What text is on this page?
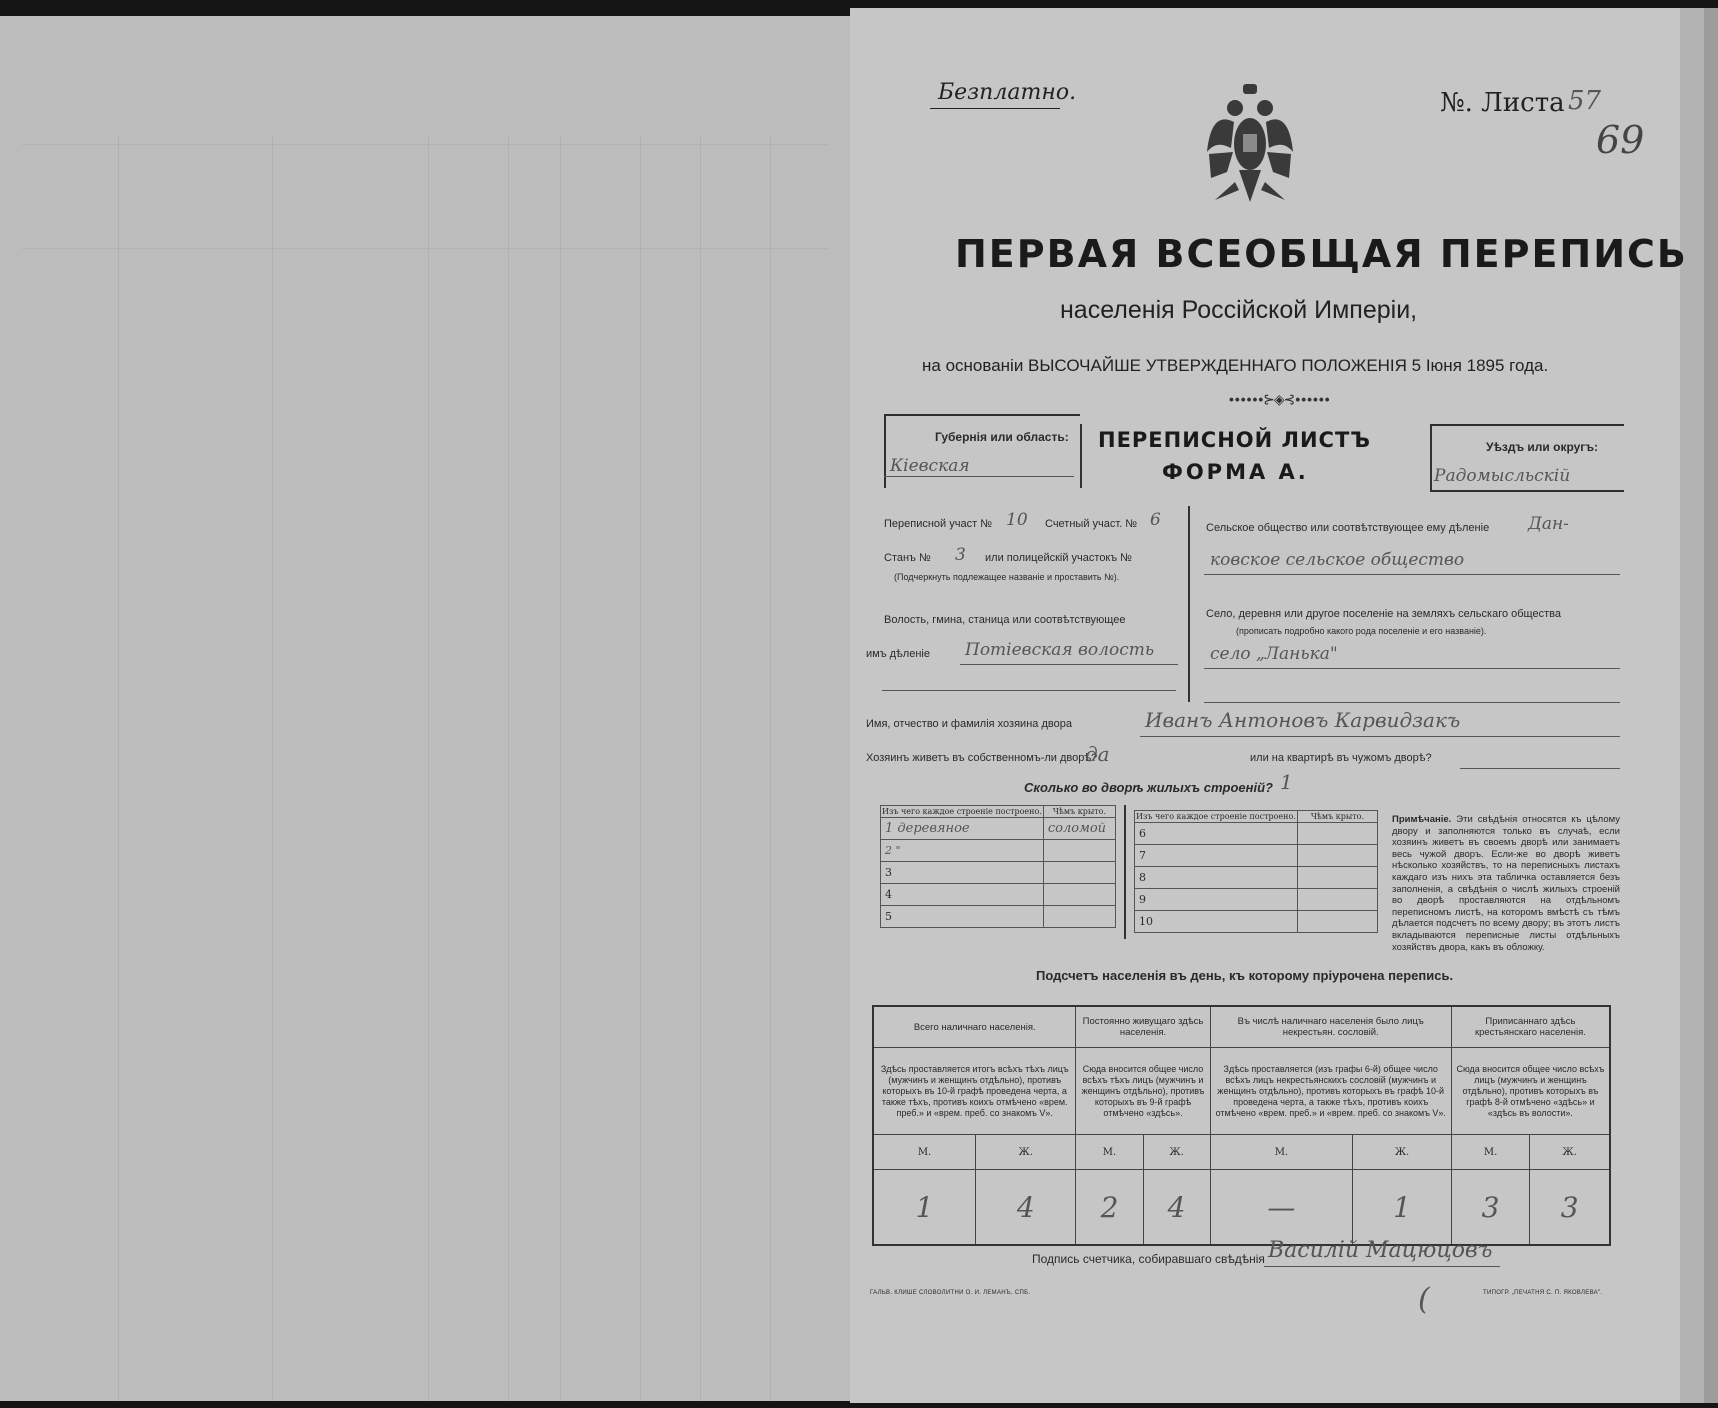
Безплатно.	№. Листа 57
69
ПЕРВАЯ ВСЕОБЩАЯ ПЕРЕПИСЬ
населенія Россійской Имперіи,
на основаніи ВЫСОЧАЙШЕ УТВЕРЖДЕННАГО ПОЛОЖЕНІЯ 5 Іюня 1895 года.
∙∙∙∙∙∙⊱◈⊰∙∙∙∙∙∙
Губернія или область:
Кіевская
ПЕРЕПИСНОЙ ЛИСТЪ
ФОРМА А.
Уѣздъ или округъ:
Радомысльскій
Переписной участ № 10 Счетный участ. № 6
Станъ № 3 или полицейскій участокъ №
(Подчеркнуть подлежащее названіе и проставить №).
Волость, гмина, станица или соотвѣтствующее
имъ дѣленіе Потіевская волость
Сельское общество или соотвѣтствующее ему дѣленіе Дан-
ковское сельское общество
Село, деревня или другое поселеніе на земляхъ сельскаго общества
(прописать подробно какого рода поселеніе и его названіе).
село „Ланька"
Имя, отчество и фамилія хозяина двора	Иванъ Антоновъ Карвидзакъ
Хозяинъ живетъ въ собственномъ-ли дворѣ?
да	или на квартирѣ въ чужомъ дворѣ?
Сколько во дворѣ жилыхъ строеній? 1
Изъ чего каждое строеніе построено.	Чѣмъ крыто.
1 деревяное	соломой
2 "	
3	
4	
5	
Изъ чего каждое строеніе построено.	Чѣмъ крыто.
6	
7	
8	
9	
10	
Примѣчаніе. Эти свѣдѣнія относятся къ цѣлому двору и заполняются только въ случаѣ, если хозяинъ живетъ въ своемъ дворѣ или занимаетъ весь чужой дворъ. Если-же во дворѣ живетъ нѣсколько хозяйствъ, то на переписныхъ листахъ каждаго изъ нихъ эта табличка оставляется безъ заполненія, а свѣдѣнія о числѣ жилыхъ строеній во дворѣ проставляются на отдѣльномъ переписномъ листѣ, на которомъ вмѣстѣ съ тѣмъ дѣлается подсчетъ по всему двору; въ этотъ листъ вкладываются переписные листы отдѣльныхъ хозяйствъ двора, какъ въ обложку.
Подсчетъ населенія въ день, къ которому пріурочена перепись.
Всего наличнаго населенія.		Постоянно живущаго здѣсь населенія.		Въ числѣ наличнаго населенія было лицъ некрестьян. сословій.		Приписаннаго здѣсь крестьянскаго населенія.	
Здѣсь проставляется итогъ всѣхъ тѣхъ лицъ (мужчинъ и женщинъ отдѣльно), противъ которыхъ въ 10-й графѣ проведена черта, а также тѣхъ, противъ коихъ отмѣчено «врем. преб.» и «врем. преб. со знакомъ V».		Сюда вносится общее число всѣхъ тѣхъ лицъ (мужчинъ и женщинъ отдѣльно), противъ которыхъ въ 9-й графѣ отмѣчено «здѣсь».		Здѣсь проставляется (изъ графы 6-й) общее число всѣхъ лицъ некрестьянскихъ сословій (мужчинъ и женщинъ отдѣльно), противъ которыхъ въ графѣ 10-й проведена черта, а также тѣхъ, противъ коихъ отмѣчено «врем. преб.» и «врем. преб. со знакомъ V».		Сюда вносится общее число всѣхъ лицъ (мужчинъ и женщинъ отдѣльно), противъ которыхъ въ графѣ 8-й отмѣчено «здѣсь» и «здѣсь въ волости».	
М.	Ж.	М.	Ж.	М.	Ж.	М.	Ж.
1	4	2	4	—	1	3	3
Подпись счетчика, собиравшаго свѣдѣнія Василій Мацюцовъ
(
ГАЛЬВ. КЛИШЕ СЛОВОЛИТНИ О. И. ЛЕМАНЪ, СПБ.	ТИПОГР. „ПЕЧАТНЯ С. П. ЯКОВЛЕВА".
